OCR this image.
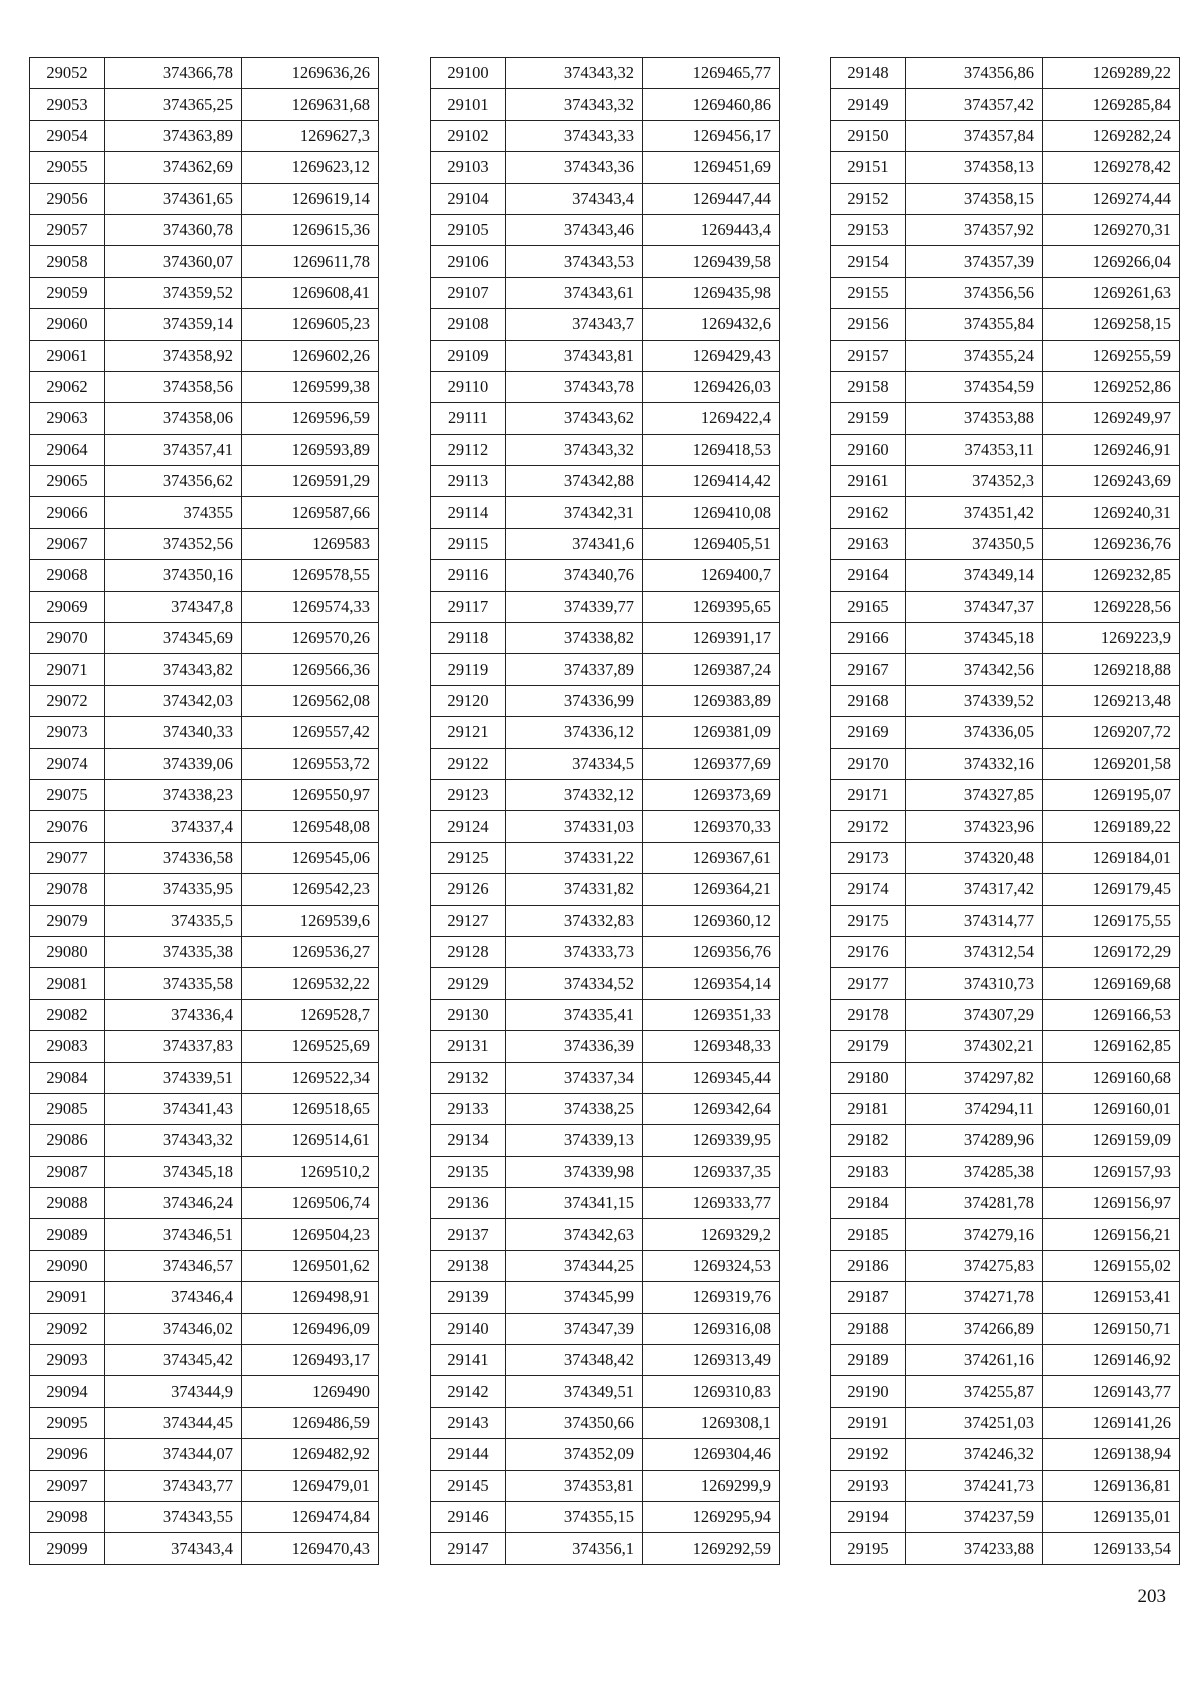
29052	374366,78	1269636,26
29053	374365,25	1269631,68
29054	374363,89	1269627,3
29055	374362,69	1269623,12
29056	374361,65	1269619,14
29057	374360,78	1269615,36
29058	374360,07	1269611,78
29059	374359,52	1269608,41
29060	374359,14	1269605,23
29061	374358,92	1269602,26
29062	374358,56	1269599,38
29063	374358,06	1269596,59
29064	374357,41	1269593,89
29065	374356,62	1269591,29
29066	374355	1269587,66
29067	374352,56	1269583
29068	374350,16	1269578,55
29069	374347,8	1269574,33
29070	374345,69	1269570,26
29071	374343,82	1269566,36
29072	374342,03	1269562,08
29073	374340,33	1269557,42
29074	374339,06	1269553,72
29075	374338,23	1269550,97
29076	374337,4	1269548,08
29077	374336,58	1269545,06
29078	374335,95	1269542,23
29079	374335,5	1269539,6
29080	374335,38	1269536,27
29081	374335,58	1269532,22
29082	374336,4	1269528,7
29083	374337,83	1269525,69
29084	374339,51	1269522,34
29085	374341,43	1269518,65
29086	374343,32	1269514,61
29087	374345,18	1269510,2
29088	374346,24	1269506,74
29089	374346,51	1269504,23
29090	374346,57	1269501,62
29091	374346,4	1269498,91
29092	374346,02	1269496,09
29093	374345,42	1269493,17
29094	374344,9	1269490
29095	374344,45	1269486,59
29096	374344,07	1269482,92
29097	374343,77	1269479,01
29098	374343,55	1269474,84
29099	374343,4	1269470,43
29100	374343,32	1269465,77
29101	374343,32	1269460,86
29102	374343,33	1269456,17
29103	374343,36	1269451,69
29104	374343,4	1269447,44
29105	374343,46	1269443,4
29106	374343,53	1269439,58
29107	374343,61	1269435,98
29108	374343,7	1269432,6
29109	374343,81	1269429,43
29110	374343,78	1269426,03
29111	374343,62	1269422,4
29112	374343,32	1269418,53
29113	374342,88	1269414,42
29114	374342,31	1269410,08
29115	374341,6	1269405,51
29116	374340,76	1269400,7
29117	374339,77	1269395,65
29118	374338,82	1269391,17
29119	374337,89	1269387,24
29120	374336,99	1269383,89
29121	374336,12	1269381,09
29122	374334,5	1269377,69
29123	374332,12	1269373,69
29124	374331,03	1269370,33
29125	374331,22	1269367,61
29126	374331,82	1269364,21
29127	374332,83	1269360,12
29128	374333,73	1269356,76
29129	374334,52	1269354,14
29130	374335,41	1269351,33
29131	374336,39	1269348,33
29132	374337,34	1269345,44
29133	374338,25	1269342,64
29134	374339,13	1269339,95
29135	374339,98	1269337,35
29136	374341,15	1269333,77
29137	374342,63	1269329,2
29138	374344,25	1269324,53
29139	374345,99	1269319,76
29140	374347,39	1269316,08
29141	374348,42	1269313,49
29142	374349,51	1269310,83
29143	374350,66	1269308,1
29144	374352,09	1269304,46
29145	374353,81	1269299,9
29146	374355,15	1269295,94
29147	374356,1	1269292,59
29148	374356,86	1269289,22
29149	374357,42	1269285,84
29150	374357,84	1269282,24
29151	374358,13	1269278,42
29152	374358,15	1269274,44
29153	374357,92	1269270,31
29154	374357,39	1269266,04
29155	374356,56	1269261,63
29156	374355,84	1269258,15
29157	374355,24	1269255,59
29158	374354,59	1269252,86
29159	374353,88	1269249,97
29160	374353,11	1269246,91
29161	374352,3	1269243,69
29162	374351,42	1269240,31
29163	374350,5	1269236,76
29164	374349,14	1269232,85
29165	374347,37	1269228,56
29166	374345,18	1269223,9
29167	374342,56	1269218,88
29168	374339,52	1269213,48
29169	374336,05	1269207,72
29170	374332,16	1269201,58
29171	374327,85	1269195,07
29172	374323,96	1269189,22
29173	374320,48	1269184,01
29174	374317,42	1269179,45
29175	374314,77	1269175,55
29176	374312,54	1269172,29
29177	374310,73	1269169,68
29178	374307,29	1269166,53
29179	374302,21	1269162,85
29180	374297,82	1269160,68
29181	374294,11	1269160,01
29182	374289,96	1269159,09
29183	374285,38	1269157,93
29184	374281,78	1269156,97
29185	374279,16	1269156,21
29186	374275,83	1269155,02
29187	374271,78	1269153,41
29188	374266,89	1269150,71
29189	374261,16	1269146,92
29190	374255,87	1269143,77
29191	374251,03	1269141,26
29192	374246,32	1269138,94
29193	374241,73	1269136,81
29194	374237,59	1269135,01
29195	374233,88	1269133,54
203
